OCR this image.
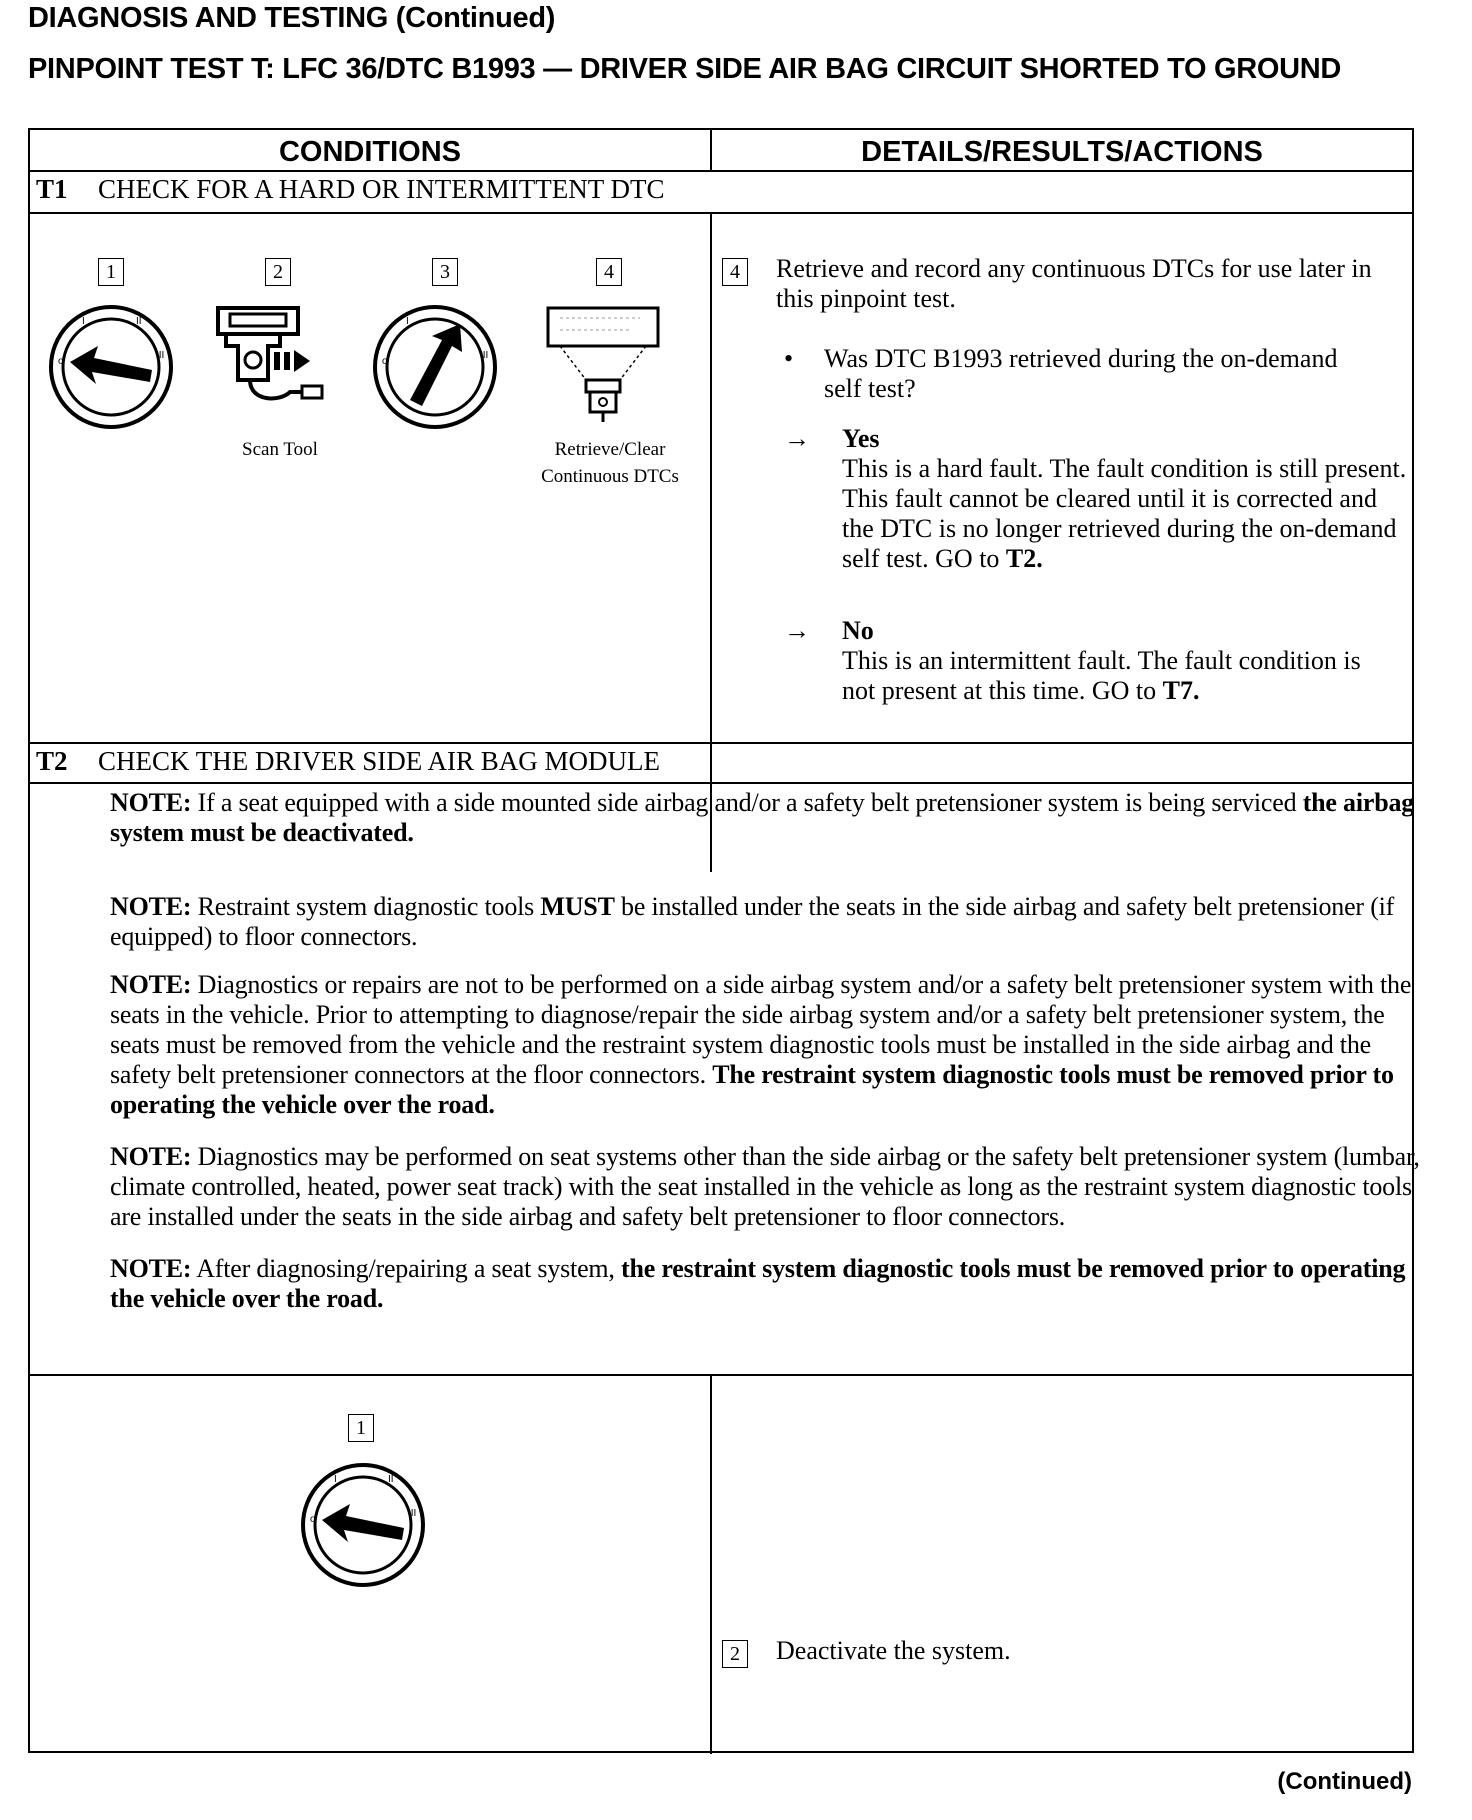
DIAGNOSIS AND TESTING (Continued)
PINPOINT TEST T: LFC 36/DTC B1993 — DRIVER SIDE AIR BAG CIRCUIT SHORTED TO GROUND
CONDITIONS	DETAILS/RESULTS/ACTIONS
T1 CHECK FOR A HARD OR INTERMITTENT DTC
1	2	3	4
o
I	II
III
o
I
III
Scan Tool	Retrieve/Clear
Continuous DTCs
4	Retrieve and record any continuous DTCs for use later in this pinpoint test.
• Was DTC B1993 retrieved during the on-demand self test?
→ Yes
This is a hard fault. The fault condition is still present. This fault cannot be cleared until it is corrected and the DTC is no longer retrieved during the on-demand self test. GO to T2.
→ No
This is an intermittent fault. The fault condition is not present at this time. GO to T7.
T2 CHECK THE DRIVER SIDE AIR BAG MODULE
NOTE: If a seat equipped with a side mounted side airbag and/or a safety belt pretensioner system is being serviced the airbag system must be deactivated.
NOTE: Restraint system diagnostic tools MUST be installed under the seats in the side airbag and safety belt pretensioner (if equipped) to floor connectors.
NOTE: Diagnostics or repairs are not to be performed on a side airbag system and/or a safety belt pretensioner system with the seats in the vehicle. Prior to attempting to diagnose/repair the side airbag system and/or a safety belt pretensioner system, the seats must be removed from the vehicle and the restraint system diagnostic tools must be installed in the side airbag and the safety belt pretensioner connectors at the floor connectors. The restraint system diagnostic tools must be removed prior to operating the vehicle over the road.
NOTE: Diagnostics may be performed on seat systems other than the side airbag or the safety belt pretensioner system (lumbar, climate controlled, heated, power seat track) with the seat installed in the vehicle as long as the restraint system diagnostic tools are installed under the seats in the side airbag and safety belt pretensioner to floor connectors.
NOTE: After diagnosing/repairing a seat system, the restraint system diagnostic tools must be removed prior to operating the vehicle over the road.
1
o
I	II
III
2	Deactivate the system.
(Continued)
